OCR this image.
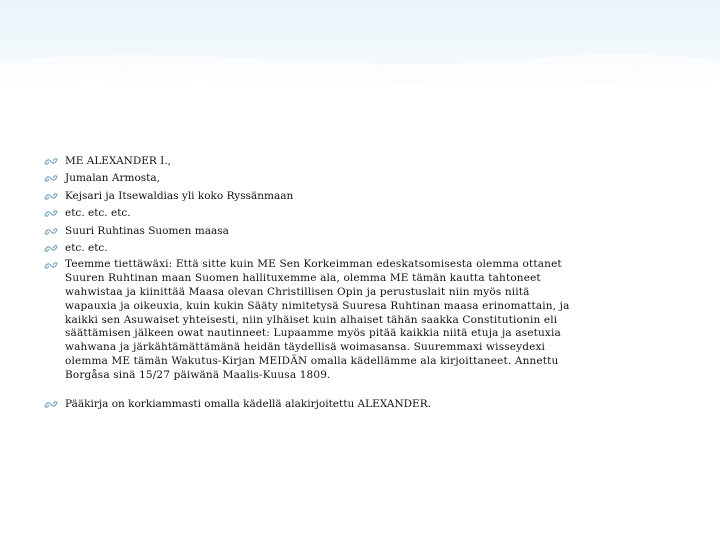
ME ALEXANDER I.,
Jumalan Armosta,
Kejsari ja Itsewaldias yli koko Ryssänmaan
etc. etc. etc.
Suuri Ruhtinas Suomen maasa
etc. etc.
Teemme tiettäwäxi: Että sitte kuin ME Sen Korkeimman edeskatsomisesta olemma ottanet Suuren Ruhtinan maan Suomen hallituxemme ala, olemma ME tämän kautta tahtoneet wahwistaa ja kiinittää Maasa olevan Christillisen Opin ja perustuslait niin myös niitä wapauxia ja oikeuxia, kuin kukin Sääty nimitetysä Suuresa Ruhtinan maasa erinomattain, ja kaikki sen Asuwaiset yhteisesti, niin ylhäiset kuin alhaiset tähän saakka Constitutionin eli säättämisen jälkeen owat nautinneet: Lupaamme myös pitää kaikkia niitä etuja ja asetuxia wahwana ja järkähtämättämänä heidän täydellisä woimasansa. Suuremmaxi wisseydexi olemma ME tämän Wakutus-Kirjan MEIDÄN omalla kädellämme ala kirjoittaneet. Annettu Borgåsa sinä 15/27 päiwänä Maalis-Kuusa 1809.
Pääkirja on korkiammasti omalla kädellä alakirjoitettu ALEXANDER.
